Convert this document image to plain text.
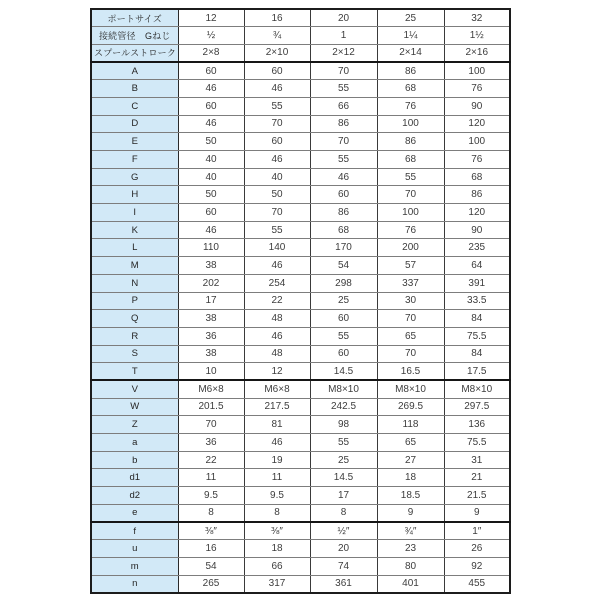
ポートサイズ	12	16	20	25	32
接続管径　Gねじ	½	¾	1	1¼	1½
スプールストローク	2×8	2×10	2×12	2×14	2×16
A	60	60	70	86	100
B	46	46	55	68	76
C	60	55	66	76	90
D	46	70	86	100	120
E	50	60	70	86	100
F	40	46	55	68	76
G	40	40	46	55	68
H	50	50	60	70	86
I	60	70	86	100	120
K	46	55	68	76	90
L	110	140	170	200	235
M	38	46	54	57	64
N	202	254	298	337	391
P	17	22	25	30	33.5
Q	38	48	60	70	84
R	36	46	55	65	75.5
S	38	48	60	70	84
T	10	12	14.5	16.5	17.5
V	M6×8	M6×8	M8×10	M8×10	M8×10
W	201.5	217.5	242.5	269.5	297.5
Z	70	81	98	118	136
a	36	46	55	65	75.5
b	22	19	25	27	31
d1	11	11	14.5	18	21
d2	9.5	9.5	17	18.5	21.5
e	8	8	8	9	9
f	⅜″	⅜″	½″	¾″	1″
u	16	18	20	23	26
m	54	66	74	80	92
n	265	317	361	401	455
